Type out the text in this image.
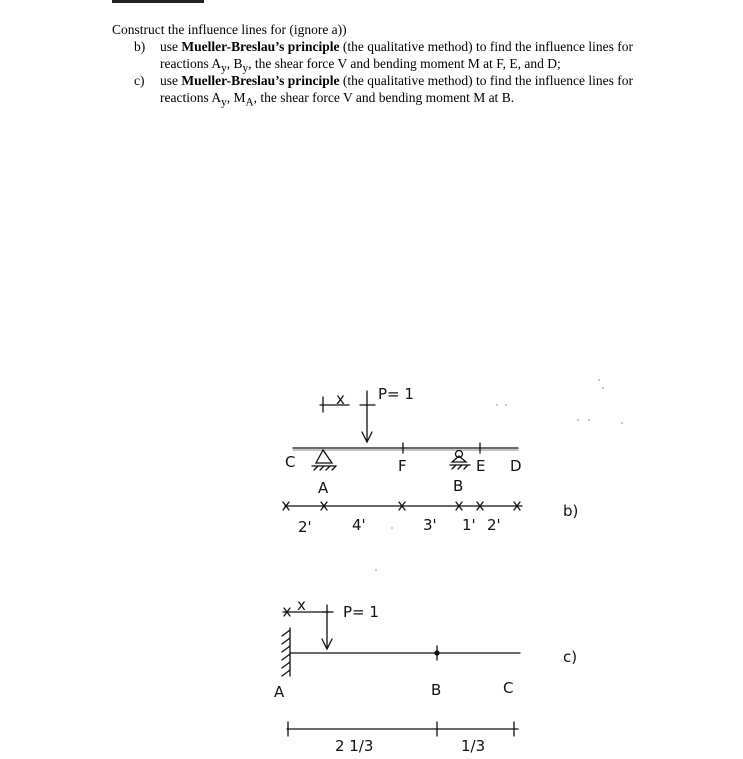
Construct the influence lines for (ignore a))
b) use Mueller-Breslau’s principle (the qualitative method) to find the influence lines for
reactions $A_y$, $B_y$, the shear force V and bending moment M at F, E, and D;
c) use Mueller-Breslau’s principle (the qualitative method) to find the influence lines for
reactions $A_y$, $M_A$, the shear force V and bending moment M at B.
P= 1
x
C
A
F
B
E D
2'	4'	3' 1' 2'
b)
P= 1
x
A	B	C
2 1/3	1/3
c)
